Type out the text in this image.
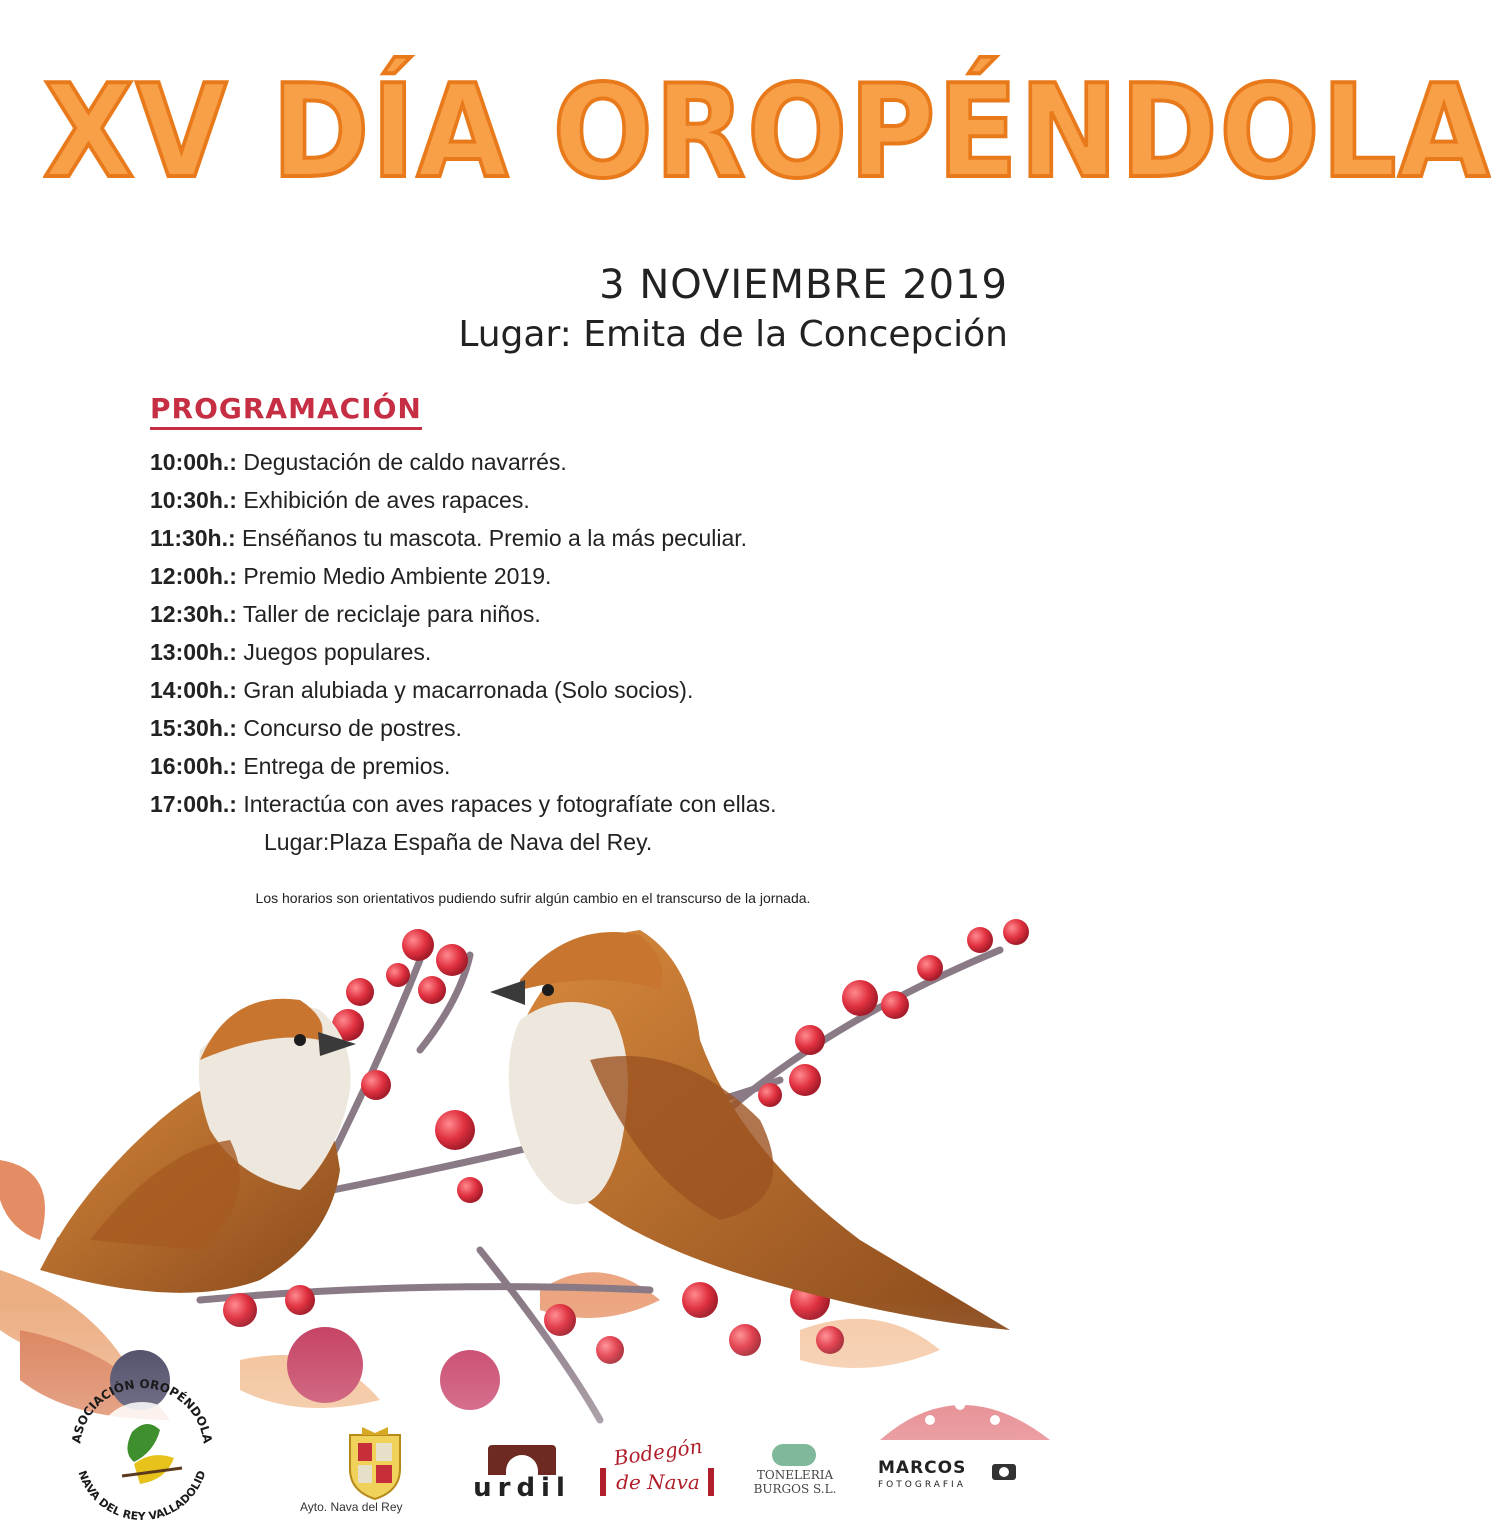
XV DÍA OROPÉNDOLA
3 NOVIEMBRE 2019
Lugar: Emita de la Concepción
PROGRAMACIÓN
10:00h.: Degustación de caldo navarrés.
10:30h.: Exhibición de aves rapaces.
11:30h.: Enséñanos tu mascota. Premio a la más peculiar.
12:00h.: Premio Medio Ambiente 2019.
12:30h.: Taller de reciclaje para niños.
13:00h.: Juegos populares.
14:00h.: Gran alubiada y macarronada (Solo socios).
15:30h.: Concurso de postres.
16:00h.: Entrega de premios.
17:00h.: Interactúa con aves rapaces y fotografíate con ellas.
Lugar:Plaza España de Nava del Rey.
Los horarios son orientativos pudiendo sufrir algún cambio en el transcurso de la jornada.
ASOCIACIÓN OROPÉNDOLA
NAVA DEL REY VALLADOLID
Ayto. Nava del Rey
urdil
Bodegón
de Nava	TONELERIA
BURGOS S.L.
MARCOS
FOTOGRAFIA
